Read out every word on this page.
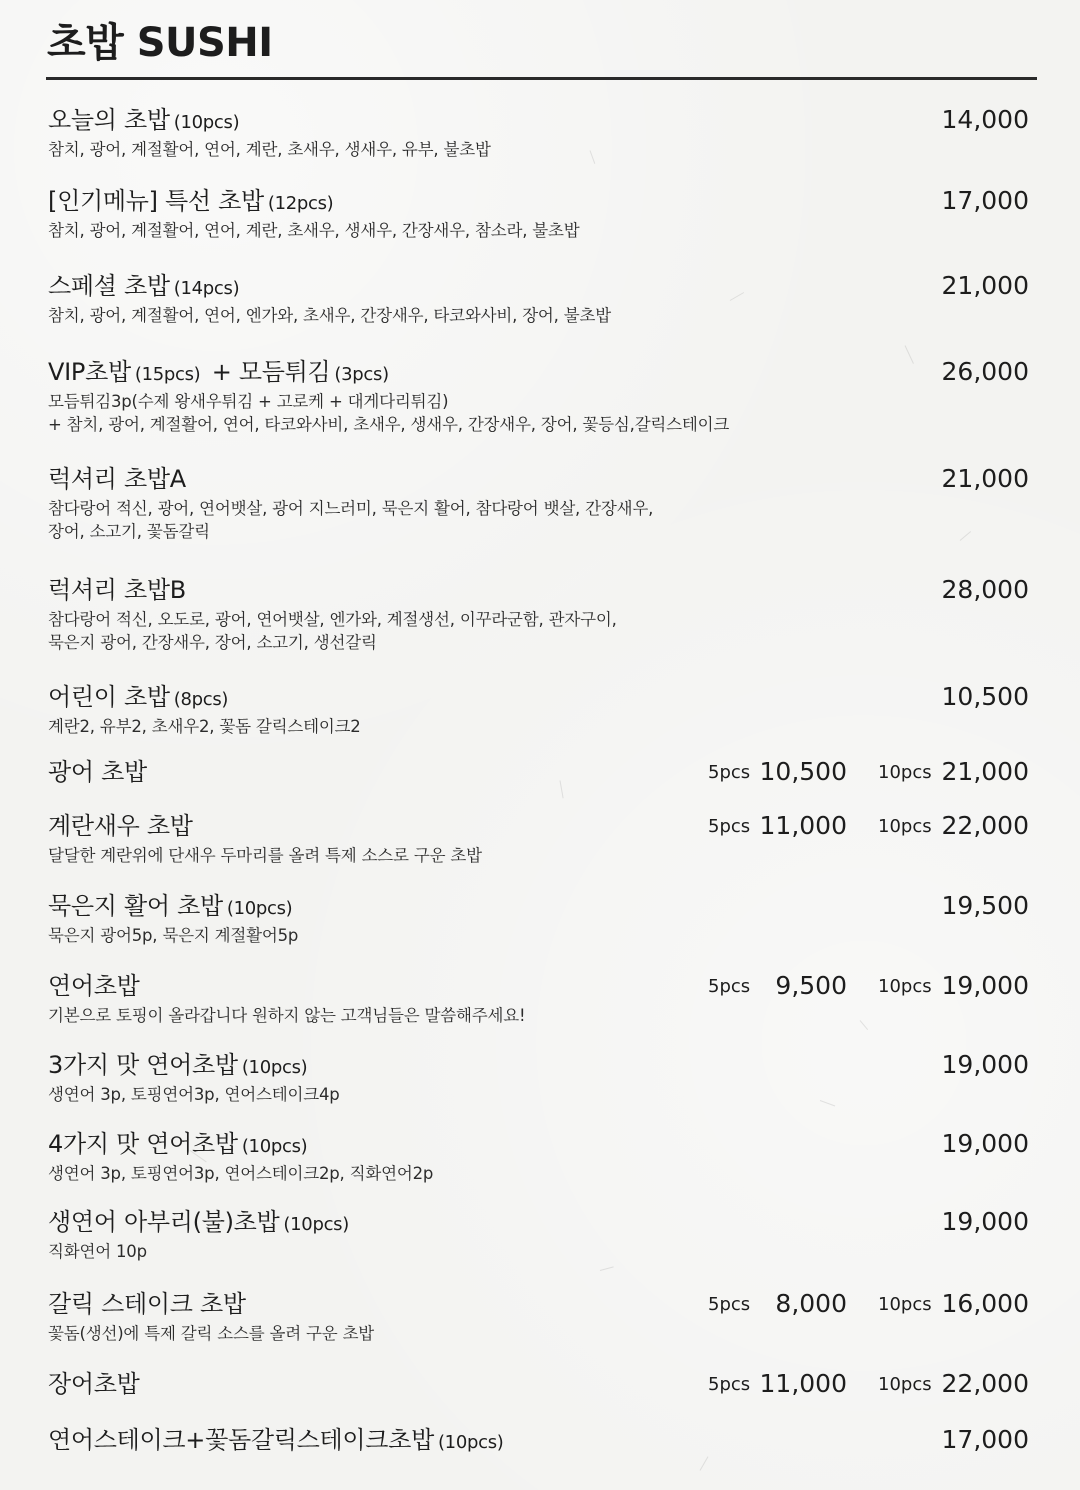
초밥 SUSHI
오늘의 초밥 (10pcs)
참치, 광어, 계절활어, 연어, 계란, 초새우, 생새우, 유부, 불초밥
14,000
[인기메뉴] 특선 초밥 (12pcs)
참치, 광어, 계절활어, 연어, 계란, 초새우, 생새우, 간장새우, 참소라, 불초밥
17,000
스페셜 초밥 (14pcs)
참치, 광어, 계절활어, 연어, 엔가와, 초새우, 간장새우, 타코와사비, 장어, 불초밥
21,000
VIP초밥 (15pcs) + 모듬튀김 (3pcs)
모듬튀김3p(수제 왕새우튀김 + 고로케 + 대게다리튀김)
+ 참치, 광어, 계절활어, 연어, 타코와사비, 초새우, 생새우, 간장새우, 장어, 꽃등심,갈릭스테이크
26,000
럭셔리 초밥A
참다랑어 적신, 광어, 연어뱃살, 광어 지느러미, 묵은지 활어, 참다랑어 뱃살, 간장새우,
장어, 소고기, 꽃돔갈릭
21,000
럭셔리 초밥B
참다랑어 적신, 오도로, 광어, 연어뱃살, 엔가와, 계절생선, 이꾸라군함, 관자구이,
묵은지 광어, 간장새우, 장어, 소고기, 생선갈릭
28,000
어린이 초밥 (8pcs)
계란2, 유부2, 초새우2, 꽃돔 갈릭스테이크2
10,500
광어 초밥	5pcs 10,500 10pcs 21,000
계란새우 초밥
달달한 계란위에 단새우 두마리를 올려 특제 소스로 구운 초밥
5pcs 11,000 10pcs 22,000
묵은지 활어 초밥 (10pcs)
묵은지 광어5p, 묵은지 계절활어5p
19,500
연어초밥
기본으로 토핑이 올라갑니다 원하지 않는 고객님들은 말씀해주세요!
5pcs 9,500 10pcs 19,000
3가지 맛 연어초밥 (10pcs)
생연어 3p, 토핑연어3p, 연어스테이크4p
19,000
4가지 맛 연어초밥 (10pcs)
생연어 3p, 토핑연어3p, 연어스테이크2p, 직화연어2p
19,000
생연어 아부리(불)초밥 (10pcs)
직화연어 10p
19,000
갈릭 스테이크 초밥
꽃돔(생선)에 특제 갈릭 소스를 올려 구운 초밥
5pcs 8,000 10pcs 16,000
장어초밥	5pcs 11,000 10pcs 22,000
연어스테이크+꽃돔갈릭스테이크초밥 (10pcs)	17,000
